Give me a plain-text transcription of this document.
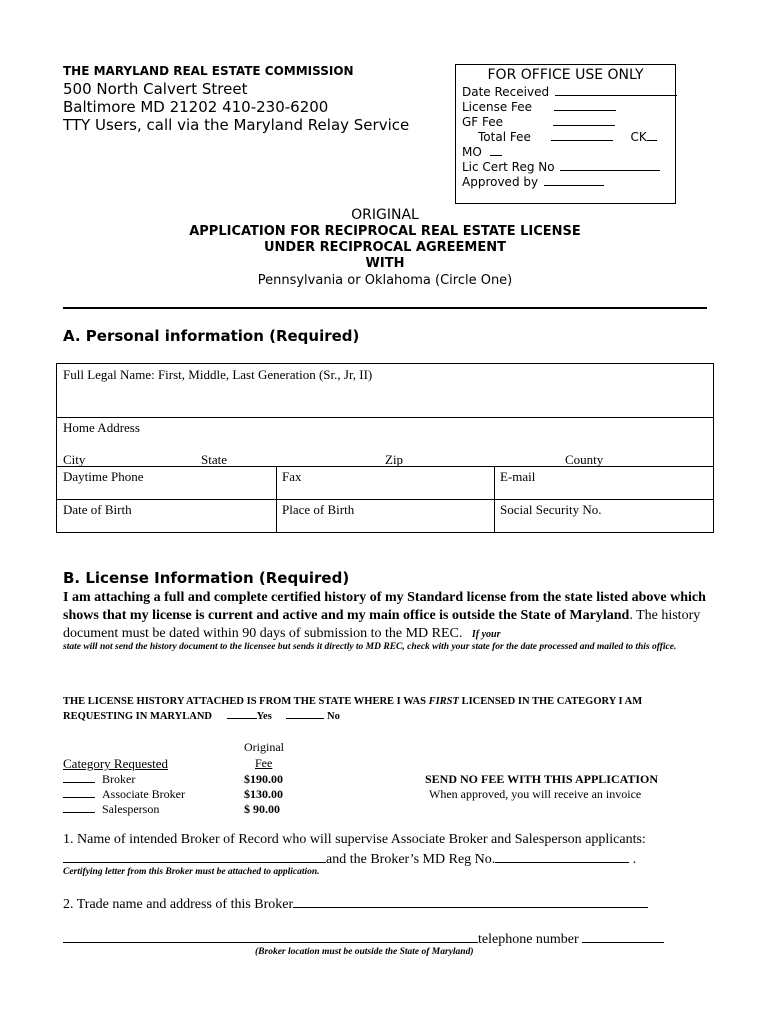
THE MARYLAND REAL ESTATE COMMISSION
500 North Calvert Street
Baltimore MD 21202 410-230-6200
TTY Users, call via the Maryland Relay Service
FOR OFFICE USE ONLY
Date Received
License Fee
GF Fee
Total Fee	CK
MO
Lic Cert Reg No
Approved by
ORIGINAL
APPLICATION FOR RECIPROCAL REAL ESTATE LICENSE
UNDER RECIPROCAL AGREEMENT
WITH
Pennsylvania or Oklahoma (Circle One)
A. Personal information (Required)
Full Legal Name: First, Middle, Last Generation (Sr., Jr, II)
Home Address
City	State	Zip	County
Daytime Phone	Fax	E-mail
Date of Birth	Place of Birth	Social Security No.
B. License Information (Required)
I am attaching a full and complete certified history of my Standard license from the state listed above which shows that my license is current and active and my main office is outside the State of Maryland. The history document must be dated within 90 days of submission to the MD REC. If your
state will not send the history document to the licensee but sends it directly to MD REC, check with your state for the date processed and mailed to this office.
THE LICENSE HISTORY ATTACHED IS FROM THE STATE WHERE I WAS FIRST LICENSED IN THE CATEGORY I AM
REQUESTING IN MARYLAND	Yes	No
Original
Category Requested	Fee
Broker	$190.00
Associate Broker	$130.00
Salesperson	$ 90.00
SEND NO FEE WITH THIS APPLICATION
When approved, you will receive an invoice
1. Name of intended Broker of Record who will supervise Associate Broker and Salesperson applicants:
and the Broker’s MD Reg No.	.
Certifying letter from this Broker must be attached to application.
2. Trade name and address of this Broker
telephone number
(Broker location must be outside the State of Maryland)
